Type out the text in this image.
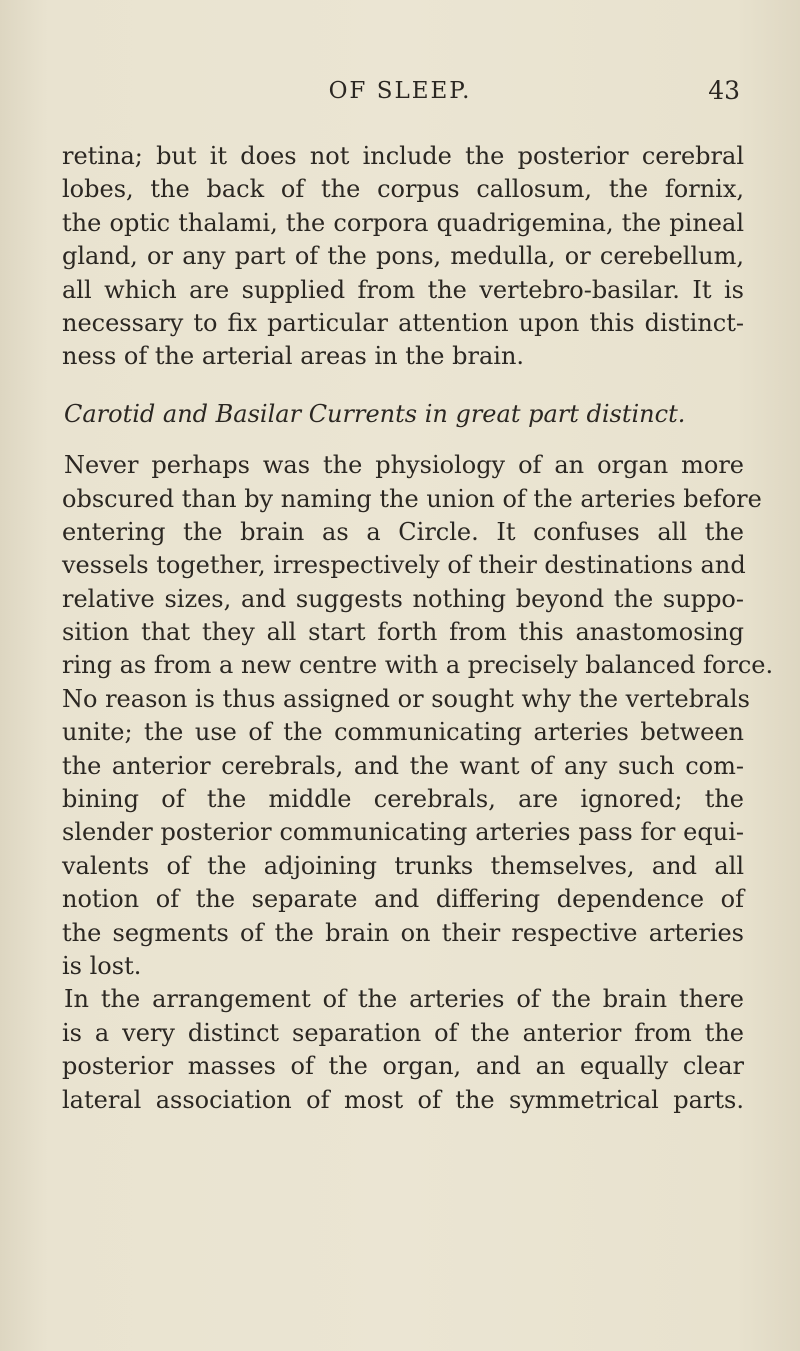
OF SLEEP.	43
retina; but it does not include the posterior cerebral
lobes, the back of the corpus callosum, the fornix,
the optic thalami, the corpora quadrigemina, the pineal
gland, or any part of the pons, medulla, or cerebellum,
all which are supplied from the vertebro-basilar. It is
necessary to fix particular attention upon this distinct-
ness of the arterial areas in the brain.
Carotid and Basilar Currents in great part distinct.
Never perhaps was the physiology of an organ more
obscured than by naming the union of the arteries before
entering the brain as a Circle. It confuses all the
vessels together, irrespectively of their destinations and
relative sizes, and suggests nothing beyond the suppo-
sition that they all start forth from this anastomosing
ring as from a new centre with a precisely balanced force.
No reason is thus assigned or sought why the vertebrals
unite; the use of the communicating arteries between
the anterior cerebrals, and the want of any such com-
bining of the middle cerebrals, are ignored; the
slender posterior communicating arteries pass for equi-
valents of the adjoining trunks themselves, and all
notion of the separate and differing dependence of
the segments of the brain on their respective arteries
is lost.
In the arrangement of the arteries of the brain there
is a very distinct separation of the anterior from the
posterior masses of the organ, and an equally clear
lateral association of most of the symmetrical parts.
